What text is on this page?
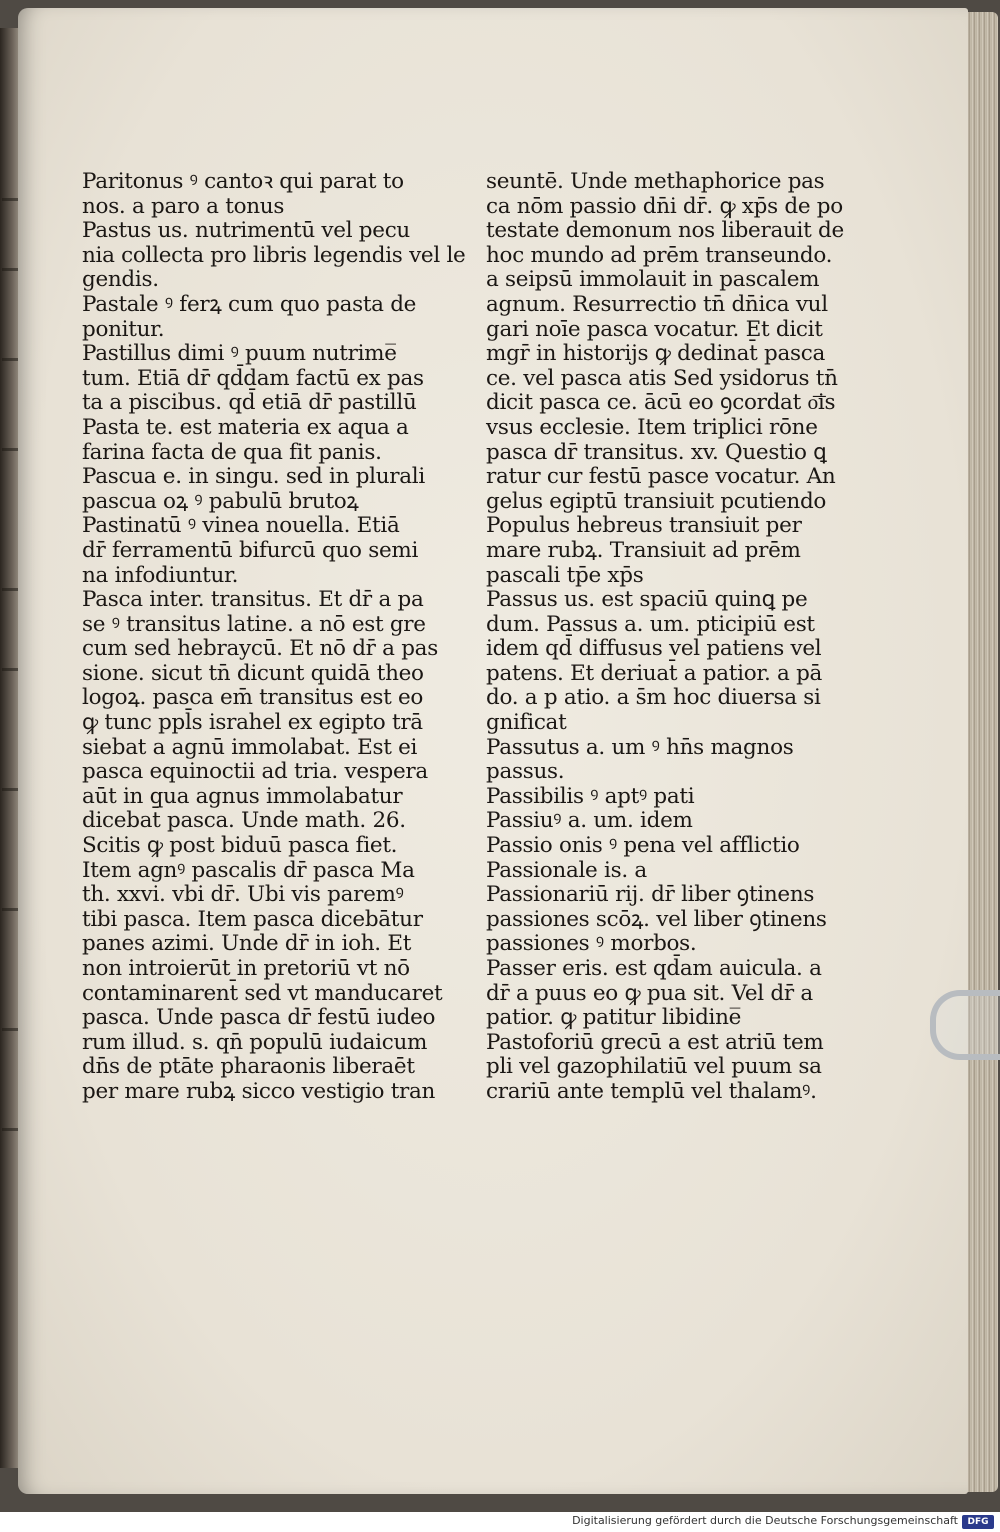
Paritonus ꝰ cantoꝛ qui parat to
nos. a paro a tonus
Pastus us. nutrimentū vel pecu
nia collecta pro libris legendis vel le
gendis.
Pastale ꝰ ferꝝ cum quo pasta de
ponitur.
Pastillus dimi ꝰ puum nutrime̅
tum. Etiā dr̄ qd̄dam factū ex pas
ta a piscibus. qd̄ etiā dr̄ pastillū
Pasta te. est materia ex aqua a
farina facta de qua fit panis.
Pascua e. in singu. sed in plurali
pascua oꝝ ꝰ pabulū brutoꝝ
Pastinatū ꝰ vinea nouella. Etiā
dr̄ ferramentū bifurcū quo semi
na infodiuntur.
Pasca inter. transitus. Et dr̄ a pa
se ꝰ transitus latine. a nō est gre
cum sed hebraycū. Et nō dr̄ a pas
sione. sicut tn̄ dicunt quidā theo
logoꝝ. pasca em̄ transitus est eo
ꝙ tunc ppl̄s israhel ex egipto trā
siebat a agnū immolabat. Est ei
pasca equinoctii ad tria. vespera
aūt in qua agnus immolabatur
dicebat̄ pasca. Unde math. 26.
Scitis ꝙ post biduū pasca fiet.
Item agnꝰ pascalis dr̄ pasca Ma
th. xxvi. vbi dr̄. Ubi vis paremꝰ
tibi pasca. Item pasca dicebātur
panes azimi. Unde dr̄ in ioh. Et
non introierūt in pretoriū vt nō
contaminarent̄ sed vt manducaret
pasca. Unde pasca dr̄ festū iudeo
rum illud. s. qn̄ populū iudaicum
dn̄s de ptāte pharaonis liberaēt
per mare rubꝝ sicco vestigio tran
seuntē. Unde methaphorice pas
ca nōm passio dn̄i dr̄. ꝙ xp̄s de po
testate demonum nos liberauit de
hoc mundo ad prēm transeundo.
a seipsū immolauit in pascalem
agnum. Resurrectio tn̄ dn̄ica vul
gari noīe pasca vocatur. Et dicit
mgr̄ in historijs ꝙ dedinat̄ pasca
ce. vel pasca atis Sed ysidorus tn̄
dicit pasca ce. ācū eo ꝯcordat o͞is
vsus ecclesie. Item triplici rōne
pasca dr̄ transitus. xv. Questio ꝗ
ratur cur festū pasce vocatur. An
gelus egiptū transiuit pcutiendo
Populus hebreus transiuit per
mare rubꝝ. Transiuit ad prēm
pascali tp̄e xp̄s
Passus us. est spaciū quinꝗ pe
dum. Passus a. um. pticipiū est
idem qd̄ diffusus vel patiens vel
patens. Et deriuat̄ a patior. a pā
do. a p atio. a s̄m hoc diuersa si
gnificat
Passutus a. um ꝰ hn̄s magnos
passus.
Passibilis ꝰ aptꝰ pati
Passiuꝰ a. um. idem
Passio onis ꝰ pena vel afflictio
Passionale is. a
Passionariū rij. dr̄ liber ꝯtinens
passiones scōꝝ. vel liber ꝯtinens
passiones ꝰ morbos.
Passer eris. est qd̄am auicula. a
dr̄ a puus eo ꝙ pua sit. Vel dr̄ a
patior. ꝙ patitur libidine̅
Pastoforiū grecū a est atriū tem
pli vel gazophilatiū vel puum sa
crariū ante templū vel thalamꝰ.
Digitalisierung gefördert durch die Deutsche Forschungsgemeinschaft	DFG
